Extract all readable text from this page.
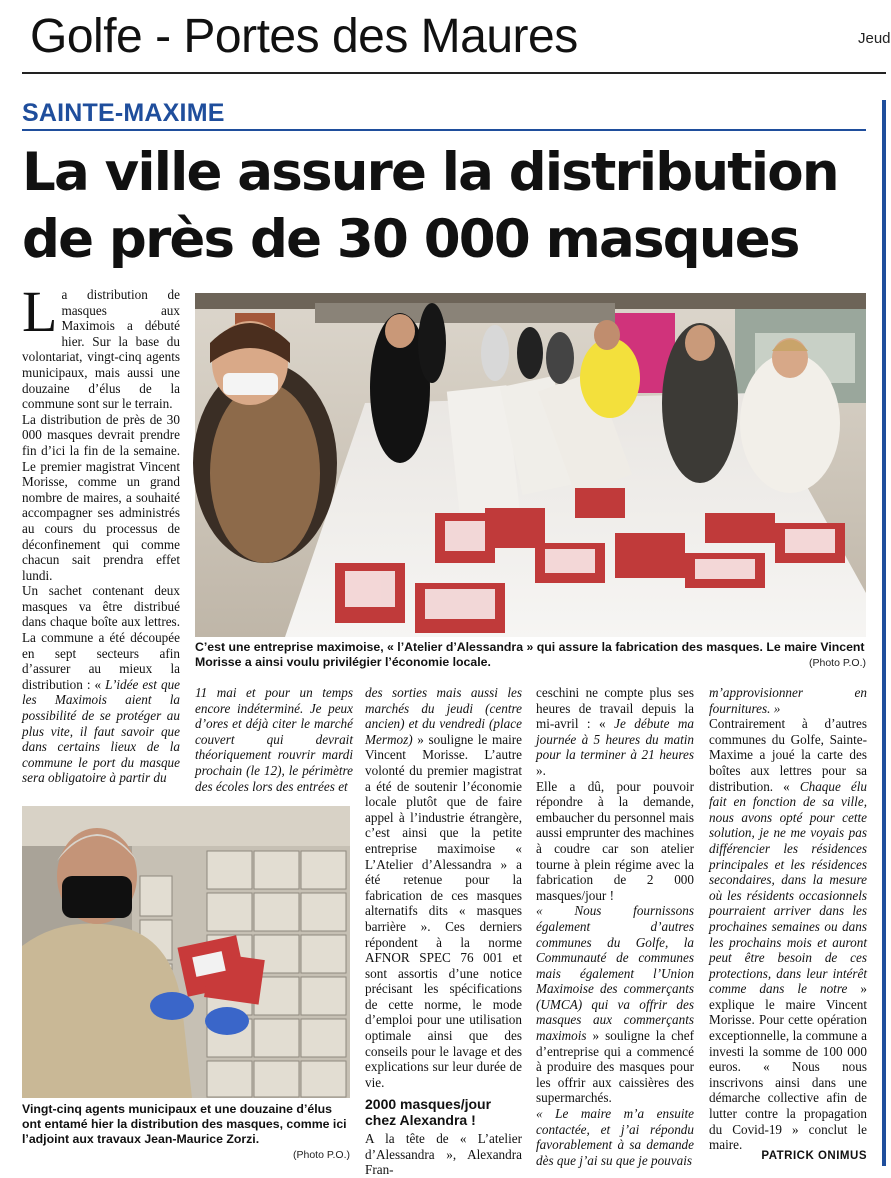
Golfe - Portes des Maures	Jeud
SAINTE-MAXIME
La ville assure la distribution
de près de 30 000 masques
L a distribution de masques aux Maximois a débuté hier. Sur la base du volontariat, vingt-cinq agents municipaux, mais aussi une douzaine d’élus de la commune sont sur le terrain.

La distribution de près de 30 000 masques devrait prendre fin d’ici la fin de la semaine. Le premier magistrat Vincent Morisse, comme un grand nombre de maires, a souhaité accompagner ses administrés au cours du processus de déconfinement qui comme chacun sait prendra effet lundi.

Un sachet contenant deux masques va être distribué dans chaque boîte aux lettres. La commune a été découpée en sept secteurs afin d’assurer au mieux la distribution : « L’idée est que les Maximois aient la possibilité de se protéger au plus vite, il faut savoir que dans certains lieux de la commune le port du masque sera obligatoire à partir du

C’est une entreprise maximoise, « l’Atelier d’Alessandra » qui assure la fabrication des masques. Le maire Vincent Morisse a ainsi voulu privilégier l’économie locale.	(Photo P.O.)

11 mai et pour un temps encore indéterminé. Je peux d’ores et déjà citer le marché couvert qui devrait théoriquement rouvrir mardi prochain (le 12), le périmètre des écoles lors des entrées et

Vingt-cinq agents municipaux et une douzaine d’élus ont entamé hier la distribution des masques, comme ici l’adjoint aux travaux Jean-Maurice Zorzi.
(Photo P.O.)

des sorties mais aussi les marchés du jeudi (centre ancien) et du vendredi (place Mermoz) » souligne le maire Vincent Morisse. L’autre volonté du premier magistrat a été de soutenir l’économie locale plutôt que de faire appel à l’industrie étrangère, c’est ainsi que la petite entreprise maximoise « L’Atelier d’Alessandra » a été retenue pour la fabrication de ces masques alternatifs dits « masques barrière ». Ces derniers répondent à la norme AFNOR SPEC 76 001 et sont assortis d’une notice précisant les spécifications de cette norme, le mode d’emploi pour une utilisation optimale ainsi que des conseils pour le lavage et des explications sur leur durée de vie.

2000 masques/jour chez Alexandra !

A la tête de « L’atelier d’Alessandra », Alexandra Fran-

ceschini ne compte plus ses heures de travail depuis la mi-avril : « Je débute ma journée à 5 heures du matin pour la terminer à 21 heures ».

Elle a dû, pour pouvoir répondre à la demande, embaucher du personnel mais aussi emprunter des machines à coudre car son atelier tourne à plein régime avec la fabrication de 2 000 masques/jour !

« Nous fournissons également d’autres communes du Golfe, la Communauté de communes mais également l’Union Maximoise des commerçants (UMCA) qui va offrir des masques aux commerçants maximois » souligne la chef d’entreprise qui a commencé à produire des masques pour les offrir aux caissières des supermarchés.

« Le maire m’a ensuite contactée, et j’ai répondu favorablement à sa demande dès que j’ai su que je pouvais

m’approvisionner en fournitures. »

Contrairement à d’autres communes du Golfe, Sainte-Maxime a joué la carte des boîtes aux lettres pour sa distribution. « Chaque élu fait en fonction de sa ville, nous avons opté pour cette solution, je ne me voyais pas différencier les résidences principales et les résidences secondaires, dans la mesure où les résidents occasionnels pourraient arriver dans les prochaines semaines ou dans les prochains mois et auront peut être besoin de ces protections, dans leur intérêt comme dans le notre » explique le maire Vincent Morisse. Pour cette opération exceptionnelle, la commune a investi la somme de 100 000 euros. « Nous nous inscrivons ainsi dans une démarche collective afin de lutter contre la propagation du Covid-19 » conclut le maire.

PATRICK ONIMUS
